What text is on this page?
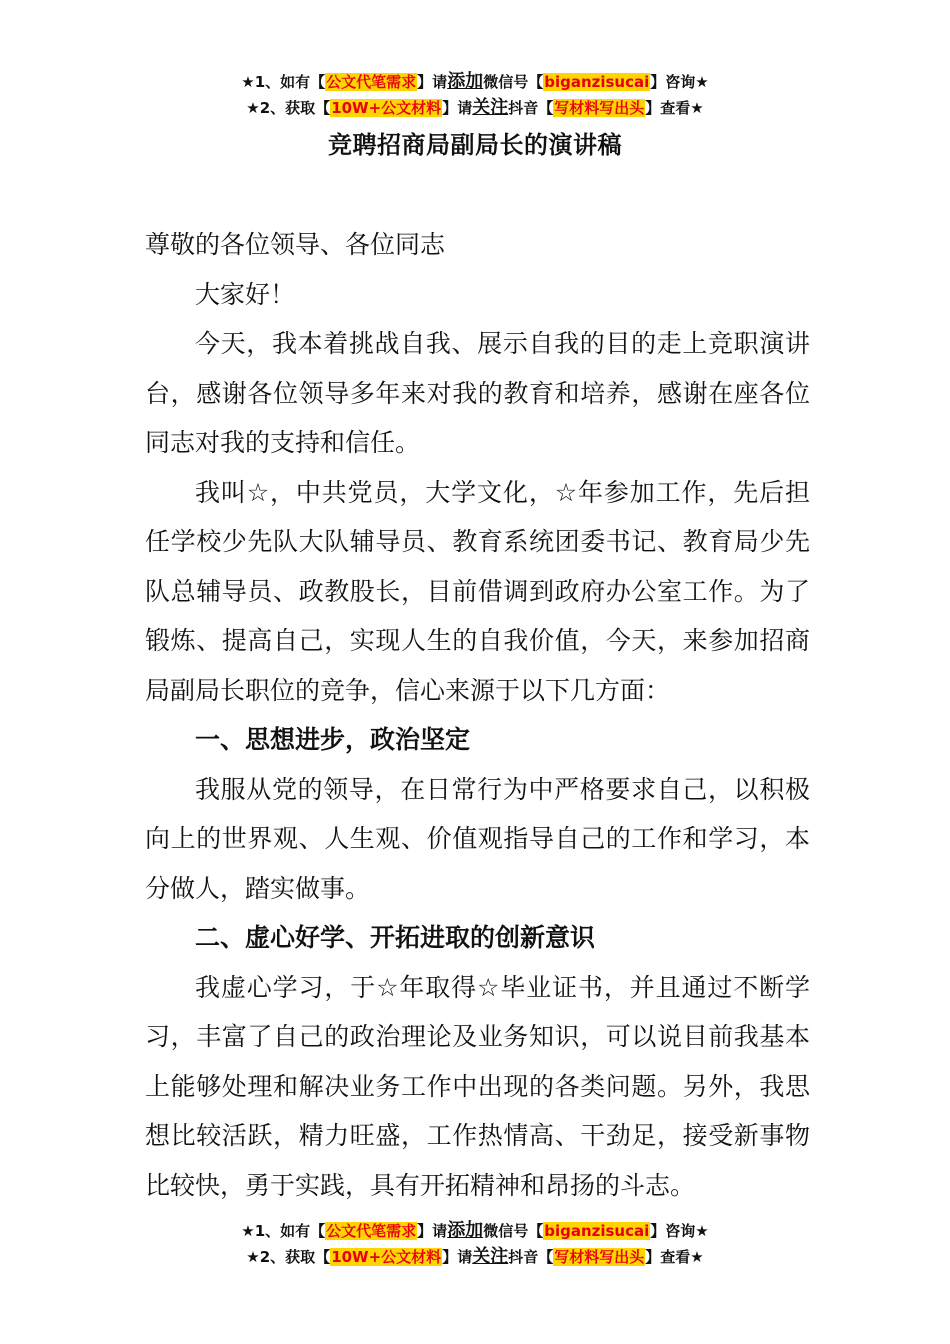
★1、如有【公文代笔需求】请添加微信号【biganzisucai】咨询★
★2、获取【10W+公文材料】请关注抖音【写材料写出头】查看★
竞聘招商局副局长的演讲稿

尊敬的各位领导、各位同志

大家好！

今天，我本着挑战自我、展示自我的目的走上竞职演讲台，感谢各位领导多年来对我的教育和培养，感谢在座各位同志对我的支持和信任。

我叫☆，中共党员，大学文化，☆年参加工作，先后担任学校少先队大队辅导员、教育系统团委书记、教育局少先队总辅导员、政教股长，目前借调到政府办公室工作。为了锻炼、提高自己，实现人生的自我价值，今天，来参加招商局副局长职位的竞争，信心来源于以下几方面：

一、思想进步，政治坚定

我服从党的领导，在日常行为中严格要求自己，以积极向上的世界观、人生观、价值观指导自己的工作和学习，本分做人，踏实做事。

二、虚心好学、开拓进取的创新意识

我虚心学习，于☆年取得☆毕业证书，并且通过不断学习，丰富了自己的政治理论及业务知识，可以说目前我基本上能够处理和解决业务工作中出现的各类问题。另外，我思想比较活跃，精力旺盛，工作热情高、干劲足，接受新事物比较快，勇于实践，具有开拓精神和昂扬的斗志。

★1、如有【公文代笔需求】请添加微信号【biganzisucai】咨询★
★2、获取【10W+公文材料】请关注抖音【写材料写出头】查看★
